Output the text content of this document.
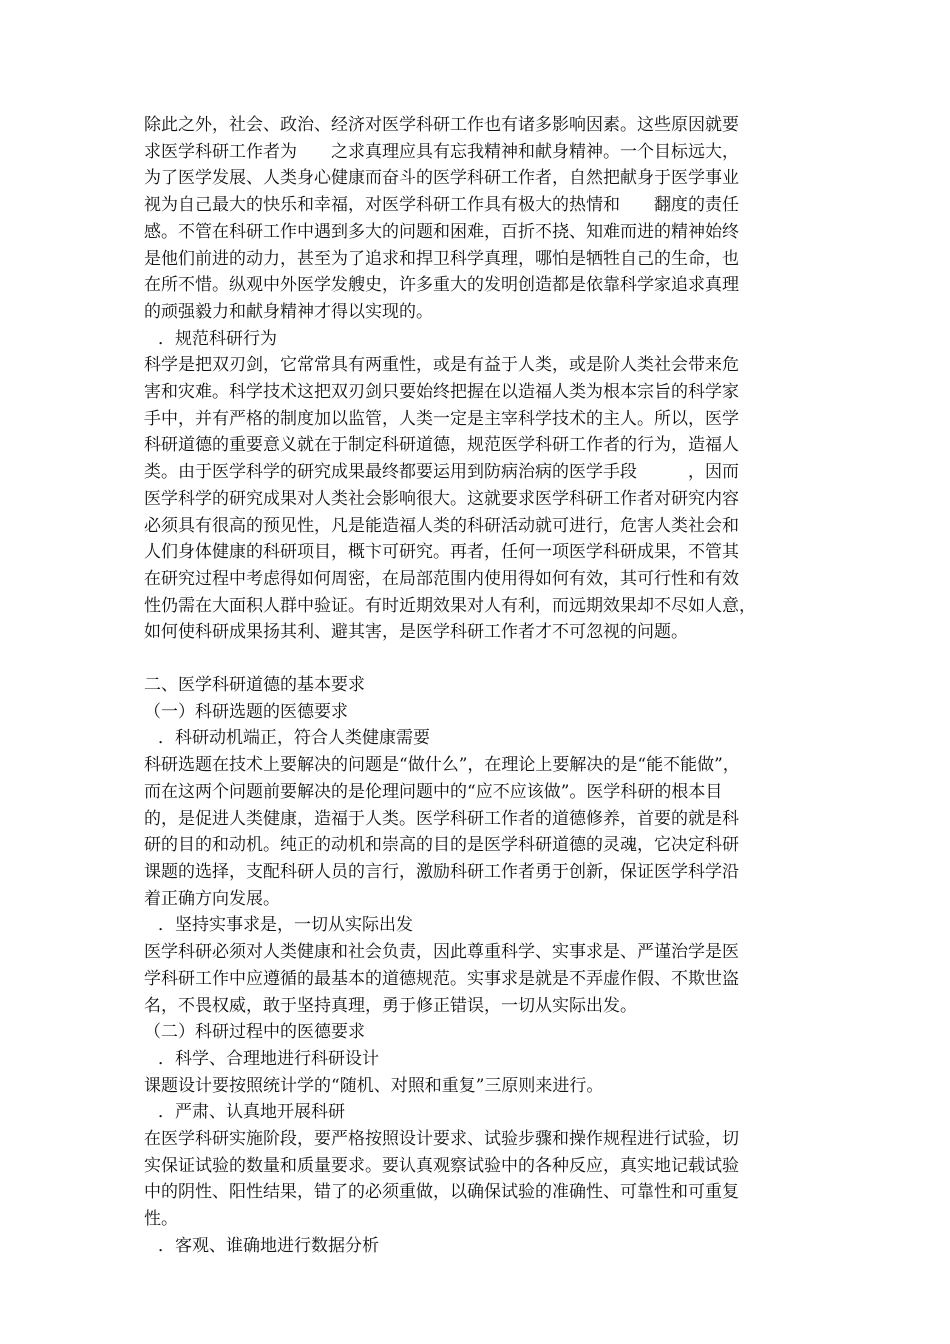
除此之外，社会、政治、经济对医学科研工作也有诸多影响因素。这些原因就要
求医学科研工作者为　　之求真理应具有忘我精神和献身精神。一个目标远大，
为了医学发展、人类身心健康而奋斗的医学科研工作者，自然把献身于医学事业
视为自己最大的快乐和幸福，对医学科研工作具有极大的热情和　　翻度的责任
感。不管在科研工作中遇到多大的问题和困难，百折不挠、知难而进的精神始终
是他们前进的动力，甚至为了追求和捍卫科学真理，哪怕是牺牲自己的生命，也
在所不惜。纵观中外医学发艘史，许多重大的发明创造都是依靠科学家追求真理
的顽强毅力和献身精神才得以实现的。
．规范科研行为
科学是把双刃剑，它常常具有两重性，或是有益于人类，或是阶人类社会带来危
害和灾难。科学技术这把双刃剑只要始终把握在以造福人类为根本宗旨的科学家
手中，并有严格的制度加以监管，人类一定是主宰科学技术的主人。所以，医学
科研道德的重要意义就在于制定科研道德，规范医学科研工作者的行为，造福人
类。由于医学科学的研究成果最终都要运用到防病治病的医学手段　　　，因而
医学科学的研究成果对人类社会影响很大。这就要求医学科研工作者对研究内容
必须具有很高的预见性，凡是能造福人类的科研活动就可进行，危害人类社会和
人们身体健康的科研项目，概卞可研究。再者，任何一项医学科研成果，不管其
在研究过程中考虑得如何周密，在局部范围内使用得如何有效，其可行性和有效
性仍需在大面积人群中验证。有时近期效果对人有利，而远期效果却不尽如人意，
如何使科研成果扬其利、避其害，是医学科研工作者才不可忽视的问题。
二、医学科研道德的基本要求
（一）科研选题的医德要求
．科研动机端正，符合人类健康需要
科研选题在技术上要解决的问题是“做什么”，在理论上要解决的是“能不能做”，
而在这两个问题前要解决的是伦理问题中的“应不应该做”。医学科研的根本目
的，是促进人类健康，造福于人类。医学科研工作者的道德修养，首要的就是科
研的目的和动机。纯正的动机和崇高的目的是医学科研道德的灵魂，它决定科研
课题的选择，支配科研人员的言行，激励科研工作者勇于创新，保证医学科学沿
着正确方向发展。
．坚持实事求是，一切从实际出发
医学科研必须对人类健康和社会负责，因此尊重科学、实事求是、严谨治学是医
学科研工作中应遵循的最基本的道德规范。实事求是就是不弄虚作假、不欺世盗
名，不畏权威，敢于坚持真理，勇于修正错误，一切从实际出发。
（二）科研过程中的医德要求
．科学、合理地进行科研设计
课题设计要按照统计学的“随机、对照和重复”三原则来进行。
．严肃、认真地开展科研
在医学科研实施阶段，要严格按照设计要求、试验步骤和操作规程进行试验，切
实保证试验的数量和质量要求。要认真观察试验中的各种反应，真实地记载试验
中的阴性、阳性结果，错了的必须重做，以确保试验的准确性、可靠性和可重复
性。
．客观、谁确地进行数据分析
